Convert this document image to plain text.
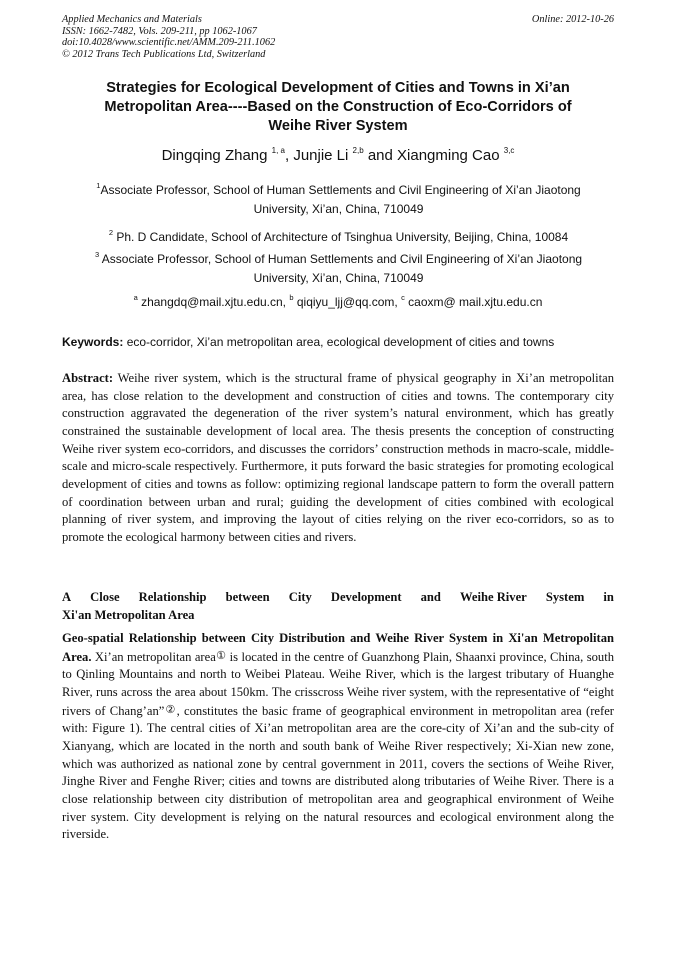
Applied Mechanics and Materials
ISSN: 1662-7482, Vols. 209-211, pp 1062-1067
doi:10.4028/www.scientific.net/AMM.209-211.1062
© 2012 Trans Tech Publications Ltd, Switzerland
Online: 2012-10-26
Strategies for Ecological Development of Cities and Towns in Xi’an
Metropolitan Area----Based on the Construction of Eco-Corridors of
Weihe River System
Dingqing Zhang $^{1, a}$, Junjie Li $^{2,b}$ and Xiangming Cao $^{3,c}$
$^1$Associate Professor, School of Human Settlements and Civil Engineering of Xi’an Jiaotong
University, Xi’an, China, 710049
$^2$ Ph. D Candidate, School of Architecture of Tsinghua University, Beijing, China, 10084
$^3$ Associate Professor, School of Human Settlements and Civil Engineering of Xi’an Jiaotong
University, Xi’an, China, 710049
$^a$ zhangdq@mail.xjtu.edu.cn, $^b$ qiqiyu_ljj@qq.com, $^c$ caoxm@ mail.xjtu.edu.cn
Keywords: eco-corridor, Xi’an metropolitan area, ecological development of cities and towns
Abstract: Weihe river system, which is the structural frame of physical geography in Xi’an metropolitan area, has close relation to the development and construction of cities and towns. The contemporary city construction aggravated the degeneration of the river system’s natural environment, which has greatly constrained the sustainable development of local area. The thesis presents the conception of constructing Weihe river system eco-corridors, and discusses the corridors’ construction methods in macro-scale, middle-scale and micro-scale respectively. Furthermore, it puts forward the basic strategies for promoting ecological development of cities and towns as follow: optimizing regional landscape pattern to form the overall pattern of coordination between urban and rural; guiding the development of cities combined with ecological planning of river system, and improving the layout of cities relying on the river eco-corridors, so as to promote the ecological harmony between cities and rivers.
A Close Relationship between City Development and Weihe River System in
Xi'an Metropolitan Area
Geo-spatial Relationship between City Distribution and Weihe River System in Xi'an Metropolitan Area. Xi’an metropolitan area① is located in the centre of Guanzhong Plain, Shaanxi province, China, south to Qinling Mountains and north to Weibei Plateau. Weihe River, which is the largest tributary of Huanghe River, runs across the area about 150km. The crisscross Weihe river system, with the representative of “eight rivers of Chang’an”②, constitutes the basic frame of geographical environment in metropolitan area (refer with: Figure 1). The central cities of Xi’an metropolitan area are the core-city of Xi’an and the sub-city of Xianyang, which are located in the north and south bank of Weihe River respectively; Xi-Xian new zone, which was authorized as national zone by central government in 2011, covers the sections of Weihe River, Jinghe River and Fenghe River; cities and towns are distributed along tributaries of Weihe River. There is a close relationship between city distribution of metropolitan area and geographical environment of Weihe river system. City development is relying on the natural resources and ecological environment along the riverside.
